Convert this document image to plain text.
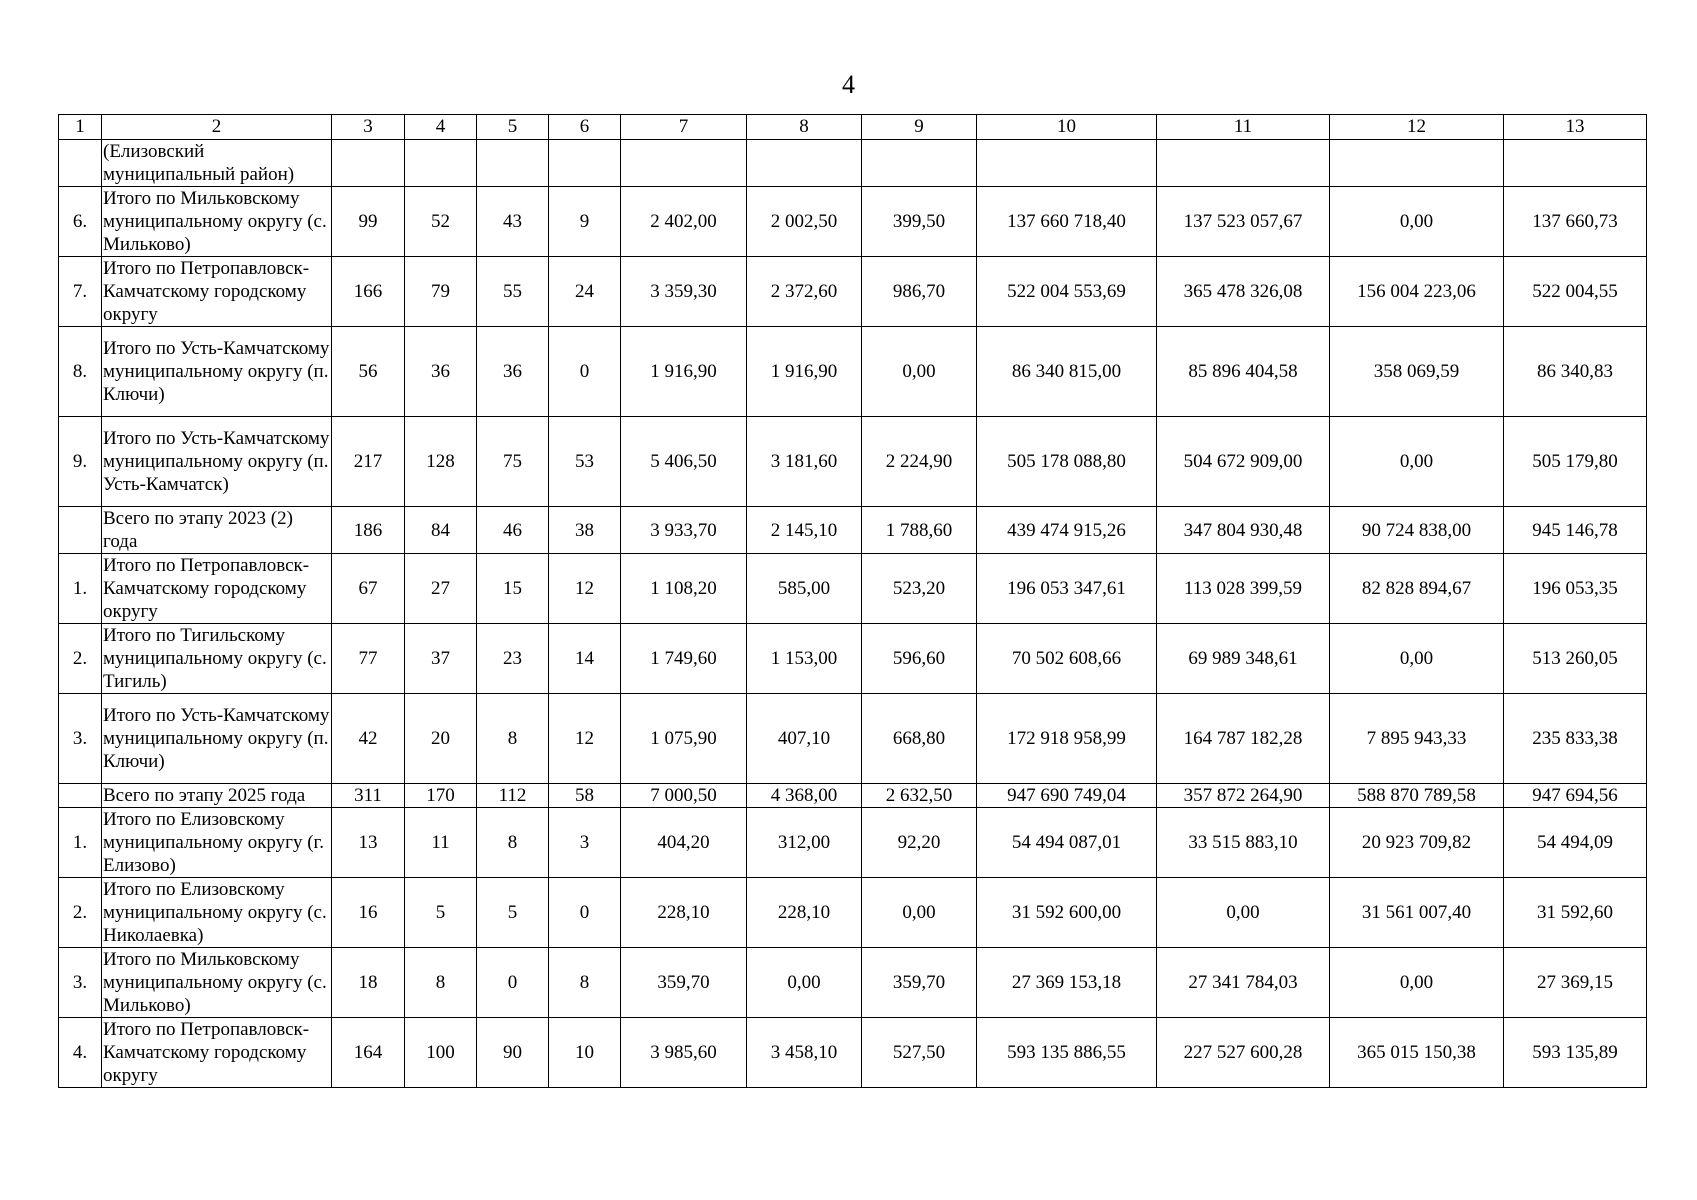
4
1	2	3	4	5	6	7	8	9	10	11	12	13
	(Елизовский муниципальный район)											
6.	Итого по Мильковскому муниципальному округу (с. Мильково)	99	52	43	9	2 402,00	2 002,50	399,50	137 660 718,40	137 523 057,67	0,00	137 660,73
7.	Итого по Петропавловск-Камчатскому городскому округу	166	79	55	24	3 359,30	2 372,60	986,70	522 004 553,69	365 478 326,08	156 004 223,06	522 004,55
8.	Итого по Усть-Камчатскому муниципальному округу (п. Ключи)	56	36	36	0	1 916,90	1 916,90	0,00	86 340 815,00	85 896 404,58	358 069,59	86 340,83
9.	Итого по Усть-Камчатскому муниципальному округу (п. Усть-Камчатск)	217	128	75	53	5 406,50	3 181,60	2 224,90	505 178 088,80	504 672 909,00	0,00	505 179,80
	Всего по этапу 2023 (2) года	186	84	46	38	3 933,70	2 145,10	1 788,60	439 474 915,26	347 804 930,48	90 724 838,00	945 146,78
1.	Итого по Петропавловск-Камчатскому городскому округу	67	27	15	12	1 108,20	585,00	523,20	196 053 347,61	113 028 399,59	82 828 894,67	196 053,35
2.	Итого по Тигильскому муниципальному округу (с. Тигиль)	77	37	23	14	1 749,60	1 153,00	596,60	70 502 608,66	69 989 348,61	0,00	513 260,05
3.	Итого по Усть-Камчатскому муниципальному округу (п. Ключи)	42	20	8	12	1 075,90	407,10	668,80	172 918 958,99	164 787 182,28	7 895 943,33	235 833,38
	Всего по этапу 2025 года	311	170	112	58	7 000,50	4 368,00	2 632,50	947 690 749,04	357 872 264,90	588 870 789,58	947 694,56
1.	Итого по Елизовскому муниципальному округу (г. Елизово)	13	11	8	3	404,20	312,00	92,20	54 494 087,01	33 515 883,10	20 923 709,82	54 494,09
2.	Итого по Елизовскому муниципальному округу (с. Николаевка)	16	5	5	0	228,10	228,10	0,00	31 592 600,00	0,00	31 561 007,40	31 592,60
3.	Итого по Мильковскому муниципальному округу (с. Мильково)	18	8	0	8	359,70	0,00	359,70	27 369 153,18	27 341 784,03	0,00	27 369,15
4.	Итого по Петропавловск-Камчатскому городскому округу	164	100	90	10	3 985,60	3 458,10	527,50	593 135 886,55	227 527 600,28	365 015 150,38	593 135,89
